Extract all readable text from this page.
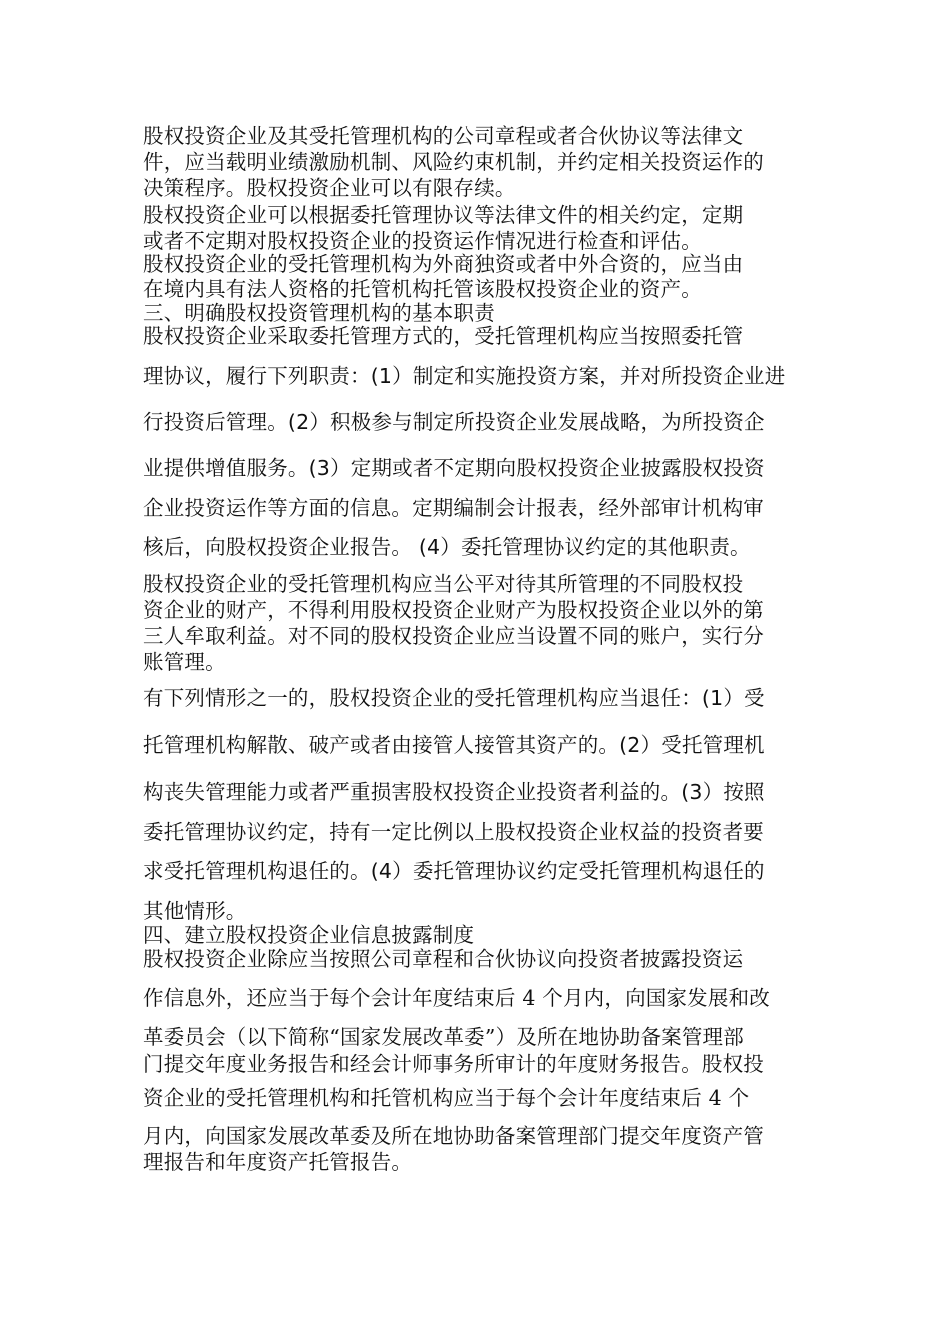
股权投资企业及其受托管理机构的公司章程或者合伙协议等法律文
件，应当载明业绩激励机制、风险约束机制，并约定相关投资运作的
决策程序。股权投资企业可以有限存续。
股权投资企业可以根据委托管理协议等法律文件的相关约定，定期
或者不定期对股权投资企业的投资运作情况进行检查和评估。
股权投资企业的受托管理机构为外商独资或者中外合资的，应当由
在境内具有法人资格的托管机构托管该股权投资企业的资产。
三、明确股权投资管理机构的基本职责
股权投资企业采取委托管理方式的，受托管理机构应当按照委托管
理协议，履行下列职责：(1）制定和实施投资方案，并对所投资企业进
行投资后管理。(2）积极参与制定所投资企业发展战略，为所投资企
业提供增值服务。(3）定期或者不定期向股权投资企业披露股权投资
企业投资运作等方面的信息。定期编制会计报表，经外部审计机构审
核后，向股权投资企业报告。 (4）委托管理协议约定的其他职责。
股权投资企业的受托管理机构应当公平对待其所管理的不同股权投
资企业的财产，不得利用股权投资企业财产为股权投资企业以外的第
三人牟取利益。对不同的股权投资企业应当设置不同的账户，实行分
账管理。
有下列情形之一的，股权投资企业的受托管理机构应当退任：(1）受
托管理机构解散、破产或者由接管人接管其资产的。(2）受托管理机
构丧失管理能力或者严重损害股权投资企业投资者利益的。(3）按照
委托管理协议约定，持有一定比例以上股权投资企业权益的投资者要
求受托管理机构退任的。(4）委托管理协议约定受托管理机构退任的
其他情形。
四、建立股权投资企业信息披露制度
股权投资企业除应当按照公司章程和合伙协议向投资者披露投资运
作信息外，还应当于每个会计年度结束后 4 个月内，向国家发展和改
革委员会（以下简称“国家发展改革委”）及所在地协助备案管理部
门提交年度业务报告和经会计师事务所审计的年度财务报告。股权投
资企业的受托管理机构和托管机构应当于每个会计年度结束后 4 个
月内，向国家发展改革委及所在地协助备案管理部门提交年度资产管
理报告和年度资产托管报告。
